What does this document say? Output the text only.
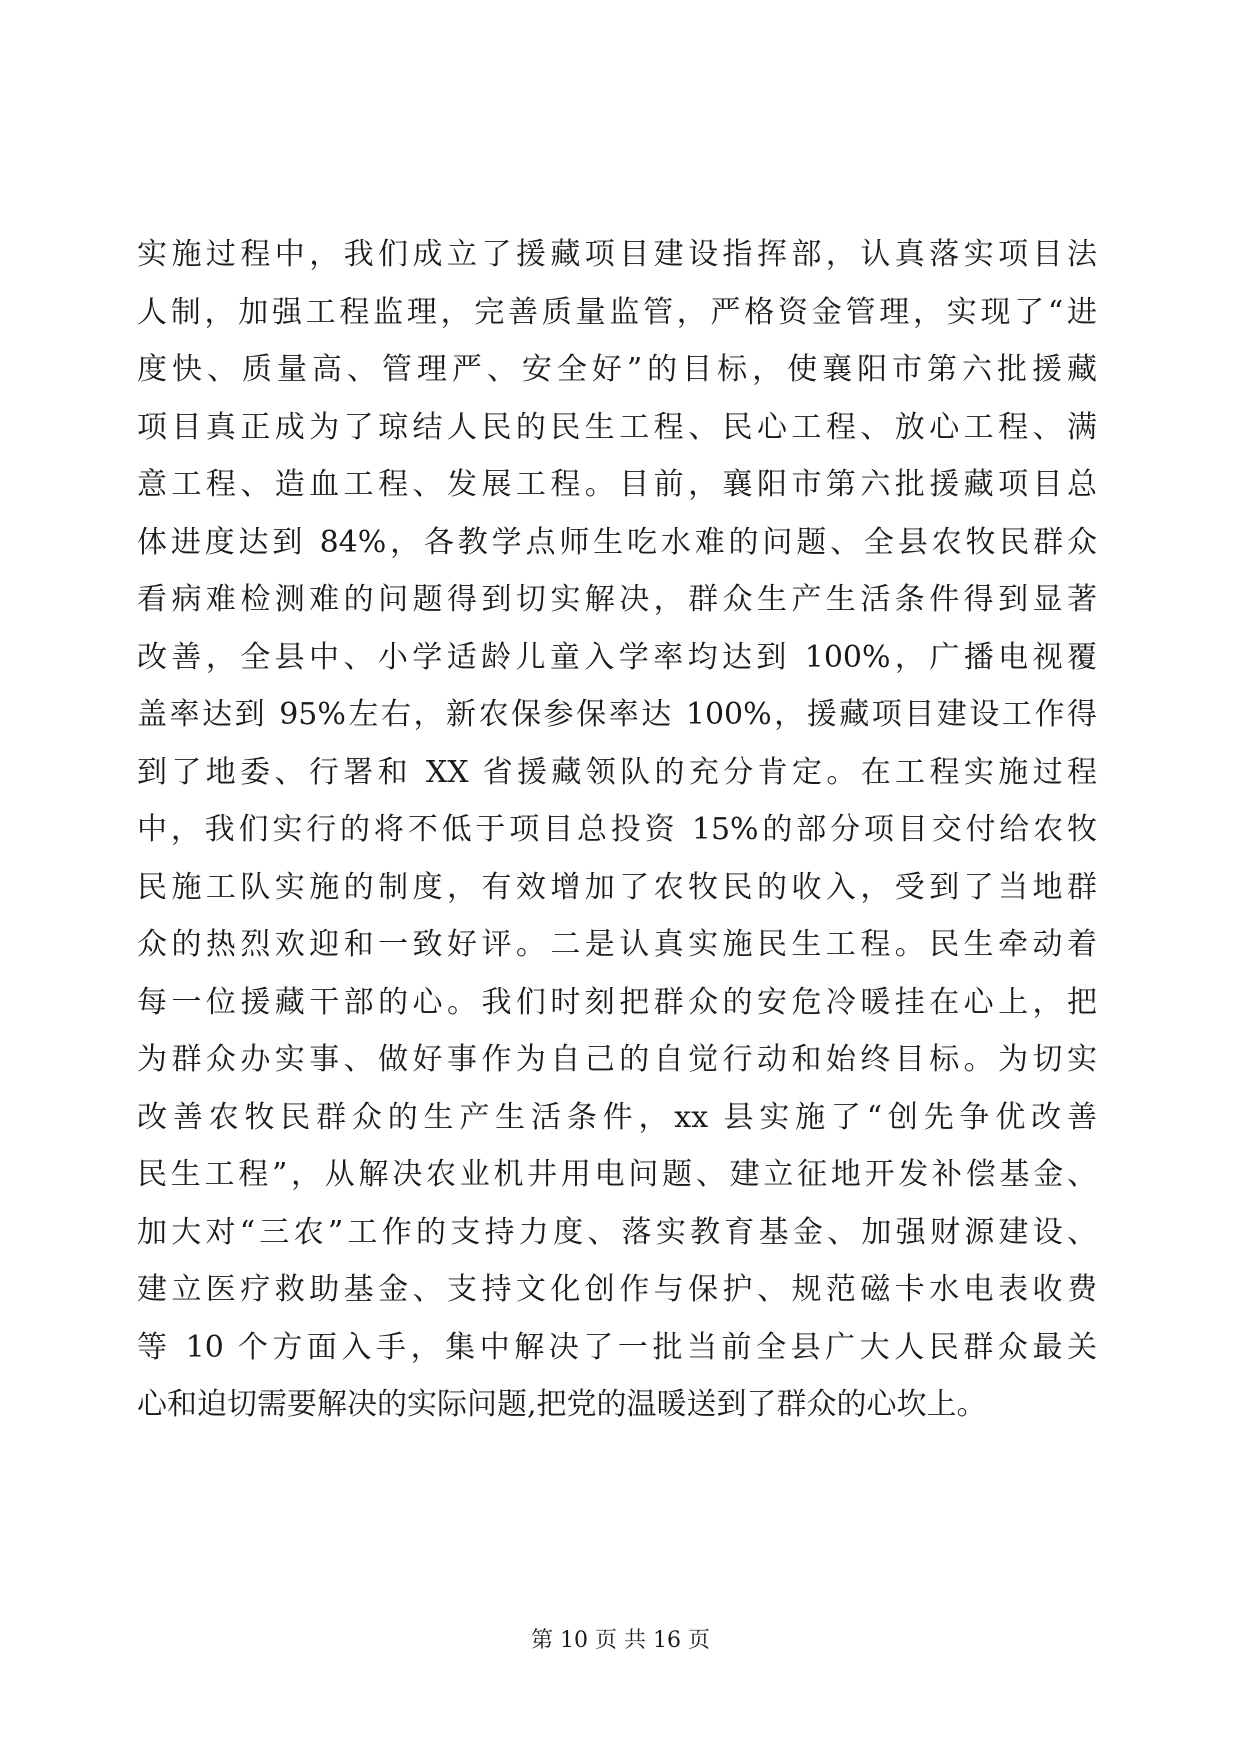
实施过程中，我们成立了援藏项目建设指挥部，认真落实项目法
人制，加强工程监理，完善质量监管，严格资金管理，实现了“进
度快、质量高、管理严、安全好”的目标，使襄阳市第六批援藏
项目真正成为了琼结人民的民生工程、民心工程、放心工程、满
意工程、造血工程、发展工程。目前，襄阳市第六批援藏项目总
体进度达到 84%，各教学点师生吃水难的问题、全县农牧民群众
看病难检测难的问题得到切实解决，群众生产生活条件得到显著
改善，全县中、小学适龄儿童入学率均达到 100%，广播电视覆
盖率达到 95%左右，新农保参保率达 100%，援藏项目建设工作得
到了地委、行署和 XX 省援藏领队的充分肯定。在工程实施过程
中，我们实行的将不低于项目总投资 15%的部分项目交付给农牧
民施工队实施的制度，有效增加了农牧民的收入，受到了当地群
众的热烈欢迎和一致好评。二是认真实施民生工程。民生牵动着
每一位援藏干部的心。我们时刻把群众的安危冷暖挂在心上，把
为群众办实事、做好事作为自己的自觉行动和始终目标。为切实
改善农牧民群众的生产生活条件，xx 县实施了“创先争优改善
民生工程”，从解决农业机井用电问题、建立征地开发补偿基金、
加大对“三农”工作的支持力度、落实教育基金、加强财源建设、
建立医疗救助基金、支持文化创作与保护、规范磁卡水电表收费
等 10 个方面入手，集中解决了一批当前全县广大人民群众最关
心和迫切需要解决的实际问题,把党的温暖送到了群众的心坎上。
第 10 页 共 16 页
